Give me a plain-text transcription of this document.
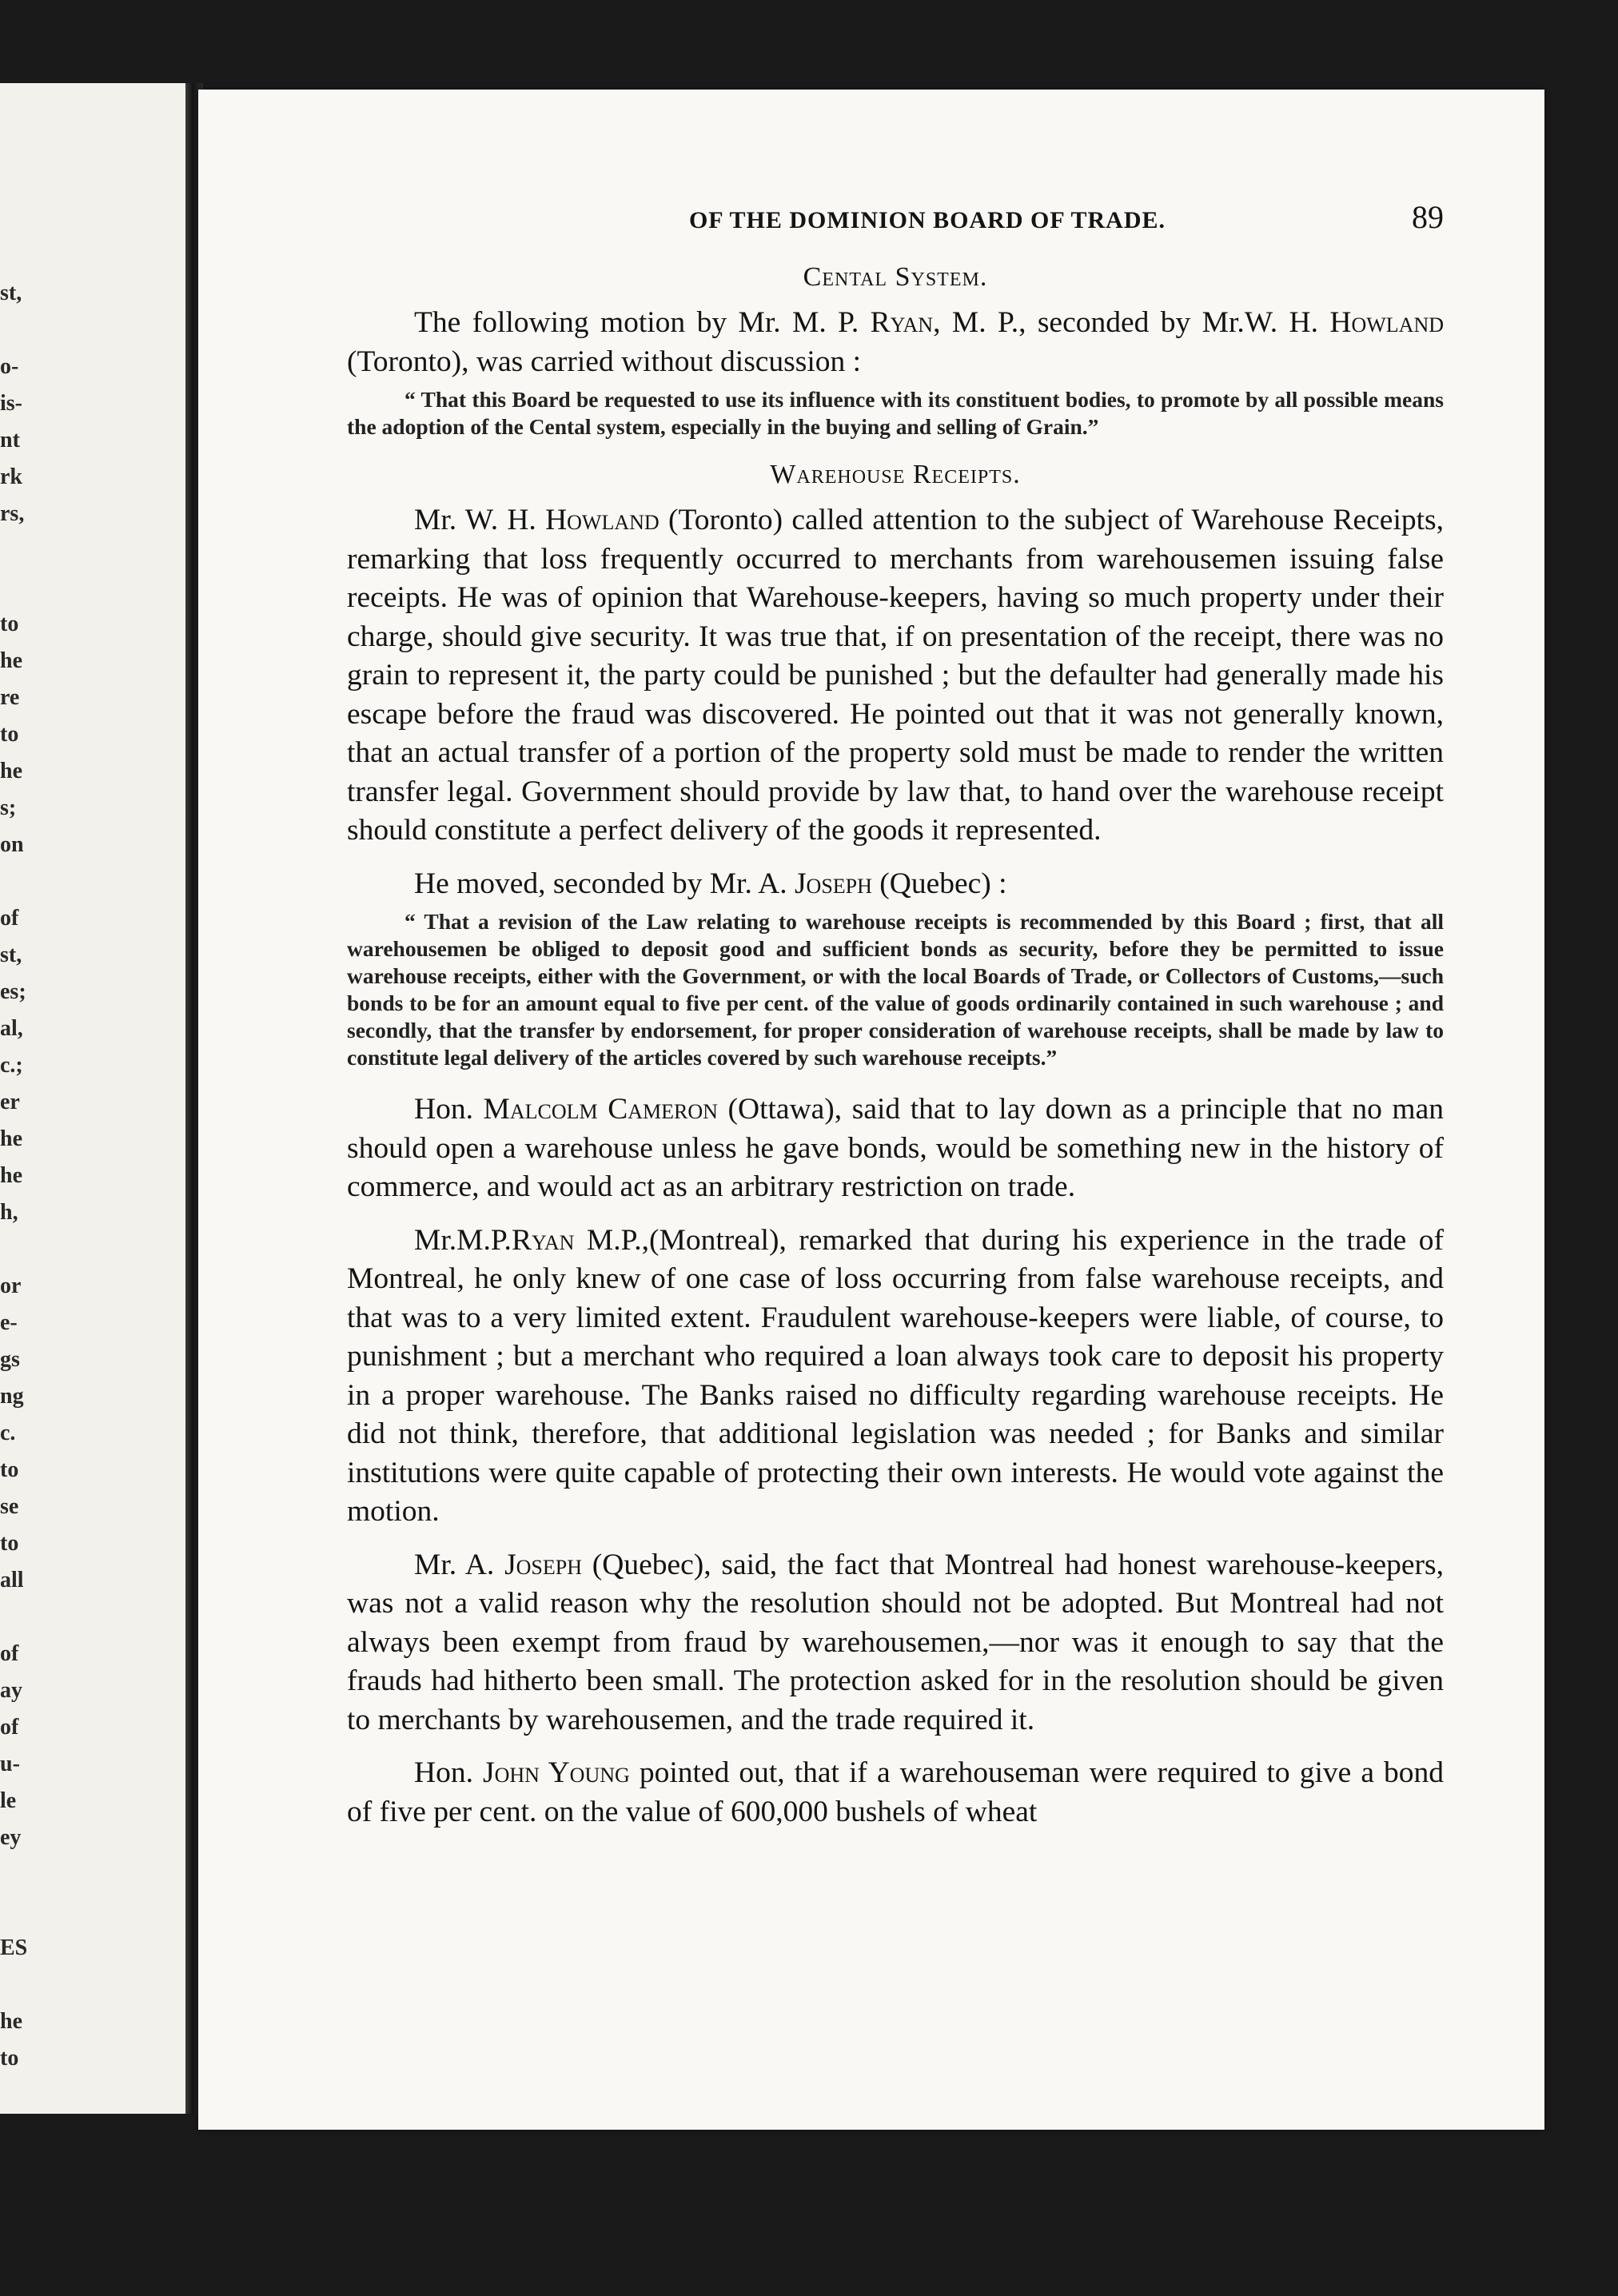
st,
o-
is-
nt
rk
rs,
to
he
re
to
he
s;
on
of
st,
es;
al,
c.;
er
he
he
h,
or
e-
gs
ng
c.
to
se
to
all
of
ay
of
u-
le
ey
ES
he
to
OF THE DOMINION BOARD OF TRADE.	89
Cental System.

The following motion by Mr. M. P. Ryan, M. P., seconded by Mr.W. H. Howland (Toronto), was carried without discussion :

“ That this Board be requested to use its influence with its constituent bodies, to promote by all possible means the adoption of the Cental system, especially in the buying and selling of Grain.”
Warehouse Receipts.

Mr. W. H. Howland (Toronto) called attention to the subject of Warehouse Receipts, remarking that loss frequently occurred to merchants from warehousemen issuing false receipts. He was of opinion that Warehouse-keepers, having so much property under their charge, should give security. It was true that, if on presentation of the receipt, there was no grain to represent it, the party could be punished ; but the defaulter had generally made his escape before the fraud was discovered. He pointed out that it was not generally known, that an actual transfer of a portion of the property sold must be made to render the written transfer legal. Government should provide by law that, to hand over the warehouse receipt should constitute a perfect delivery of the goods it represented.

He moved, seconded by Mr. A. Joseph (Quebec) :

“ That a revision of the Law relating to warehouse receipts is recommended by this Board ; first, that all warehousemen be obliged to deposit good and sufficient bonds as security, before they be permitted to issue warehouse receipts, either with the Government, or with the local Boards of Trade, or Collectors of Customs,—such bonds to be for an amount equal to five per cent. of the value of goods ordinarily contained in such warehouse ; and secondly, that the transfer by endorsement, for proper consideration of warehouse receipts, shall be made by law to constitute legal delivery of the articles covered by such warehouse receipts.”

Hon. Malcolm Cameron (Ottawa), said that to lay down as a principle that no man should open a warehouse unless he gave bonds, would be something new in the history of commerce, and would act as an arbitrary restriction on trade.

Mr.M.P.Ryan M.P.,(Montreal), remarked that during his experience in the trade of Montreal, he only knew of one case of loss occurring from false warehouse receipts, and that was to a very limited extent. Fraudulent warehouse-keepers were liable, of course, to punishment ; but a merchant who required a loan always took care to deposit his property in a proper warehouse. The Banks raised no difficulty regarding warehouse receipts. He did not think, therefore, that additional legislation was needed ; for Banks and similar institutions were quite capable of protecting their own interests. He would vote against the motion.

Mr. A. Joseph (Quebec), said, the fact that Montreal had honest warehouse-keepers, was not a valid reason why the resolution should not be adopted. But Montreal had not always been exempt from fraud by warehousemen,—nor was it enough to say that the frauds had hitherto been small. The protection asked for in the resolution should be given to merchants by warehousemen, and the trade required it.

Hon. John Young pointed out, that if a warehouseman were required to give a bond of five per cent. on the value of 600,000 bushels of wheat
